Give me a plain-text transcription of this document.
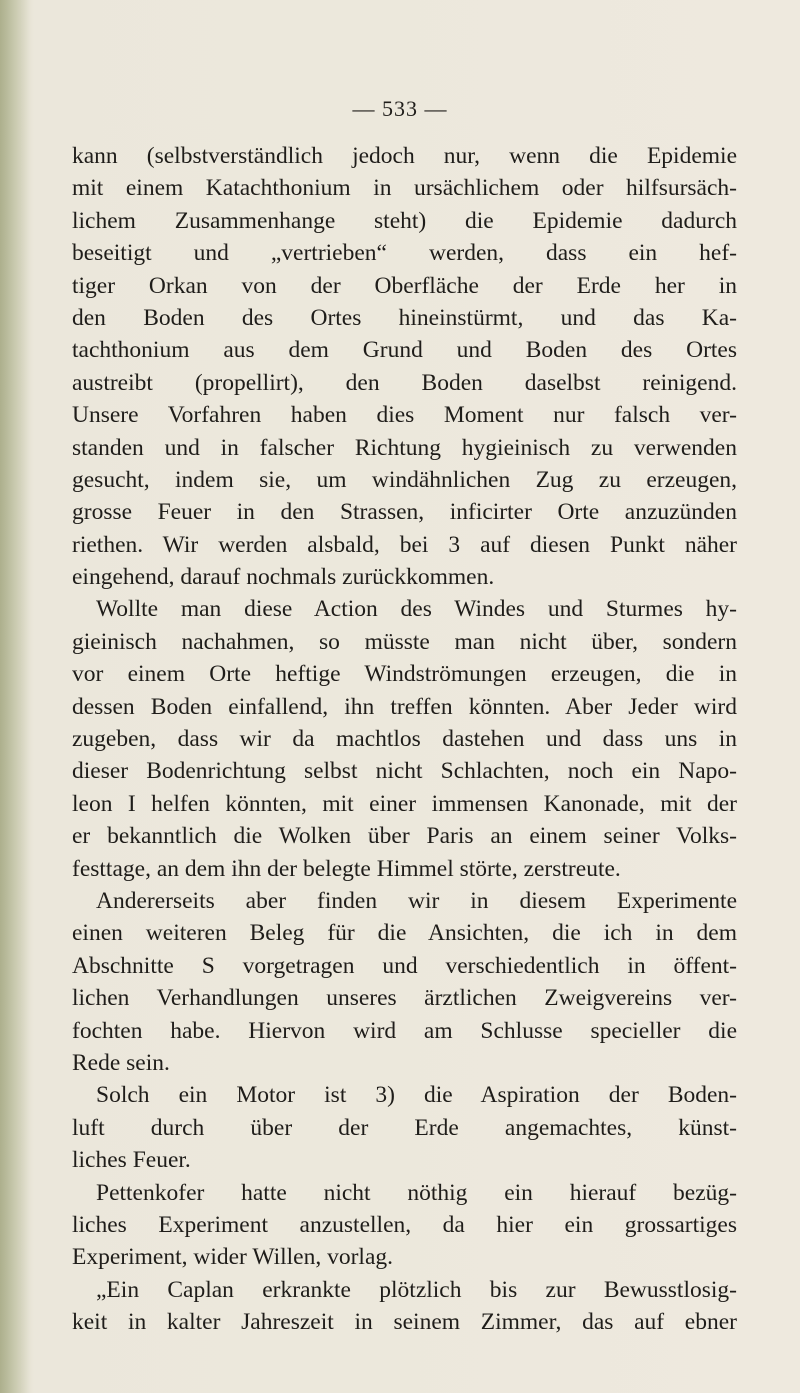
— 533 —
kann (selbstverständlich jedoch nur, wenn die Epidemie
mit einem Katachthonium in ursächlichem oder hilfsursäch-
lichem Zusammenhange steht) die Epidemie dadurch
beseitigt und „vertrieben“ werden, dass ein hef-
tiger Orkan von der Oberfläche der Erde her in
den Boden des Ortes hineinstürmt, und das Ka-
tachthonium aus dem Grund und Boden des Ortes
austreibt (propellirt), den Boden daselbst reinigend.
Unsere Vorfahren haben dies Moment nur falsch ver-
standen und in falscher Richtung hygieinisch zu verwenden
gesucht, indem sie, um windähnlichen Zug zu erzeugen,
grosse Feuer in den Strassen, inficirter Orte anzuzünden
riethen. Wir werden alsbald, bei 3 auf diesen Punkt näher
eingehend, darauf nochmals zurückkommen.
Wollte man diese Action des Windes und Sturmes hy-
gieinisch nachahmen, so müsste man nicht über, sondern
vor einem Orte heftige Windströmungen erzeugen, die in
dessen Boden einfallend, ihn treffen könnten. Aber Jeder wird
zugeben, dass wir da machtlos dastehen und dass uns in
dieser Bodenrichtung selbst nicht Schlachten, noch ein Napo-
leon I helfen könnten, mit einer immensen Kanonade, mit der
er bekanntlich die Wolken über Paris an einem seiner Volks-
festtage, an dem ihn der belegte Himmel störte, zerstreute.
Andererseits aber finden wir in diesem Experimente
einen weiteren Beleg für die Ansichten, die ich in dem
Abschnitte S vorgetragen und verschiedentlich in öffent-
lichen Verhandlungen unseres ärztlichen Zweigvereins ver-
fochten habe. Hiervon wird am Schlusse specieller die
Rede sein.
Solch ein Motor ist 3) die Aspiration der Boden-
luft durch über der Erde angemachtes, künst-
liches Feuer.
Pettenkofer hatte nicht nöthig ein hierauf bezüg-
liches Experiment anzustellen, da hier ein grossartiges
Experiment, wider Willen, vorlag.
„Ein Caplan erkrankte plötzlich bis zur Bewusstlosig-
keit in kalter Jahreszeit in seinem Zimmer, das auf ebner
